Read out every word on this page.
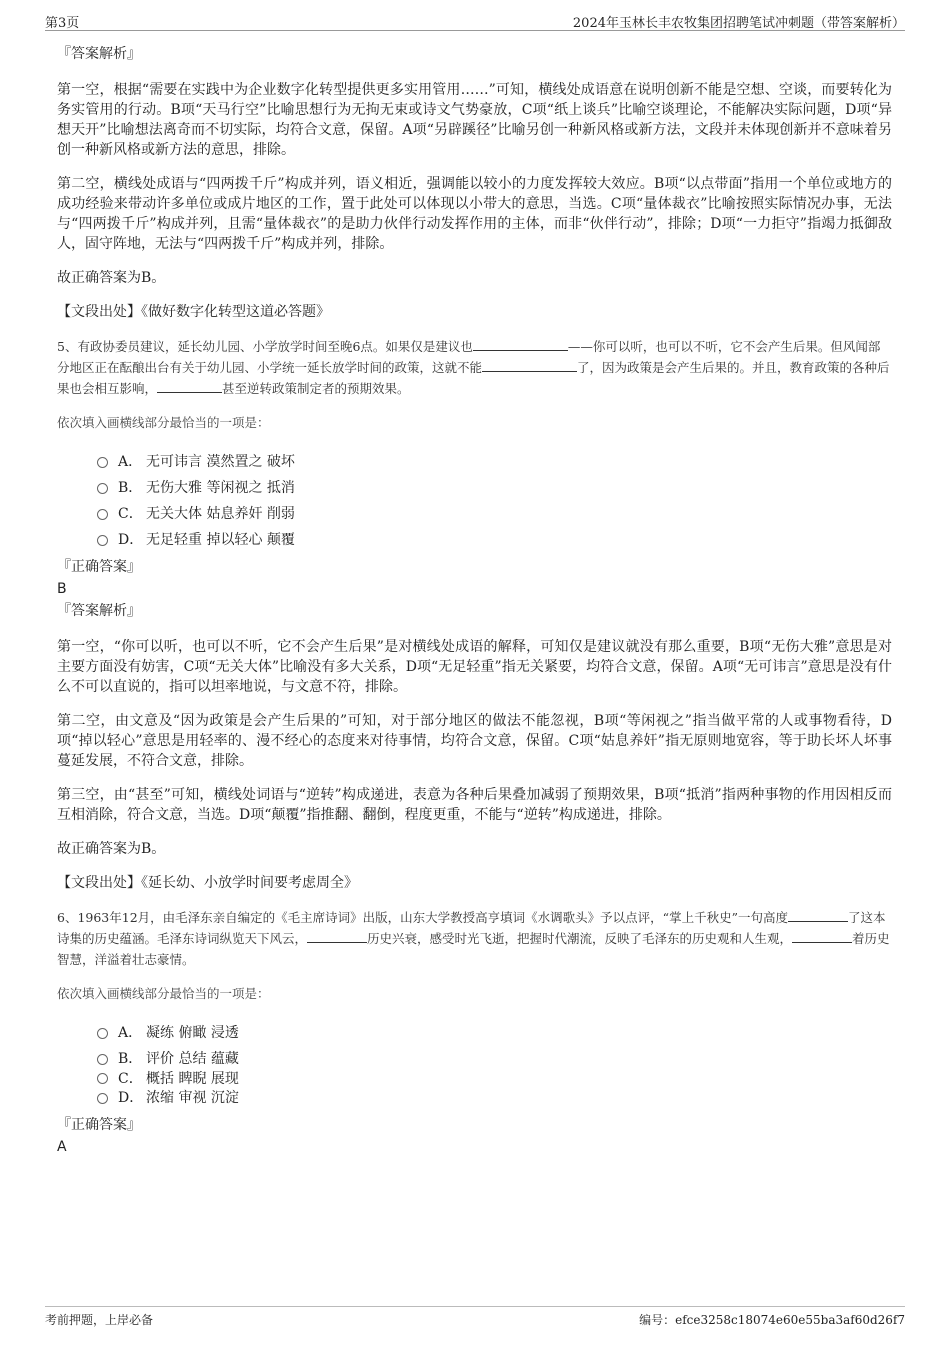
第3页	2024年玉林长丰农牧集团招聘笔试冲刺题（带答案解析）
『答案解析』

第一空，根据“需要在实践中为企业数字化转型提供更多实用管用……”可知，横线处成语意在说明创新不能是空想、空谈，而要转化为务实管用的行动。B项“天马行空”比喻思想行为无拘无束或诗文气势豪放，C项“纸上谈兵”比喻空谈理论，不能解决实际问题，D项“异想天开”比喻想法离奇而不切实际，均符合文意，保留。A项“另辟蹊径”比喻另创一种新风格或新方法，文段并未体现创新并不意味着另创一种新风格或新方法的意思，排除。

第二空，横线处成语与“四两拨千斤”构成并列，语义相近，强调能以较小的力度发挥较大效应。B项“以点带面”指用一个单位或地方的成功经验来带动许多单位或成片地区的工作，置于此处可以体现以小带大的意思，当选。C项“量体裁衣”比喻按照实际情况办事，无法与“四两拨千斤”构成并列，且需“量体裁衣”的是助力伙伴行动发挥作用的主体，而非“伙伴行动”，排除；D项“一力拒守”指竭力抵御敌人，固守阵地，无法与“四两拨千斤”构成并列，排除。

故正确答案为B。

【文段出处】《做好数字化转型这道必答题》

5、有政协委员建议，延长幼儿园、小学放学时间至晚6点。如果仅是建议也	——你可以听，也可以不听，它不会产生后果。但风闻部分地区正在酝酿出台有关于幼儿园、小学统一延长放学时间的政策，这就不能	了，因为政策是会产生后果的。并且，教育政策的各种后果也会相互影响，	甚至逆转政策制定者的预期效果。
依次填入画横线部分最恰当的一项是：
A． 无可讳言 漠然置之 破坏
B． 无伤大雅 等闲视之 抵消
C． 无关大体 姑息养奸 削弱
D． 无足轻重 掉以轻心 颠覆
『正确答案』
B
『答案解析』

第一空，“你可以听，也可以不听，它不会产生后果”是对横线处成语的解释，可知仅是建议就没有那么重要，B项“无伤大雅”意思是对主要方面没有妨害，C项“无关大体”比喻没有多大关系，D项“无足轻重”指无关紧要，均符合文意，保留。A项“无可讳言”意思是没有什么不可以直说的，指可以坦率地说，与文意不符，排除。

第二空，由文意及“因为政策是会产生后果的”可知，对于部分地区的做法不能忽视，B项“等闲视之”指当做平常的人或事物看待，D项“掉以轻心”意思是用轻率的、漫不经心的态度来对待事情，均符合文意，保留。C项“姑息养奸”指无原则地宽容，等于助长坏人坏事蔓延发展，不符合文意，排除。

第三空，由“甚至”可知，横线处词语与“逆转”构成递进，表意为各种后果叠加减弱了预期效果，B项“抵消”指两种事物的作用因相反而互相消除，符合文意，当选。D项“颠覆”指推翻、翻倒，程度更重，不能与“逆转”构成递进，排除。

故正确答案为B。

【文段出处】《延长幼、小放学时间要考虑周全》

6、1963年12月，由毛泽东亲自编定的《毛主席诗词》出版，山东大学教授高亨填词《水调歌头》予以点评，“掌上千秋史”一句高度	了这本诗集的历史蕴涵。毛泽东诗词纵览天下风云，	历史兴衰，感受时光飞逝，把握时代潮流，反映了毛泽东的历史观和人生观，	着历史智慧，洋溢着壮志豪情。
依次填入画横线部分最恰当的一项是：
A． 凝练 俯瞰 浸透
B． 评价 总结 蕴藏
C． 概括 睥睨 展现
D． 浓缩 审视 沉淀
『正确答案』
A
考前押题，上岸必备	编号：efce3258c18074e60e55ba3af60d26f7
